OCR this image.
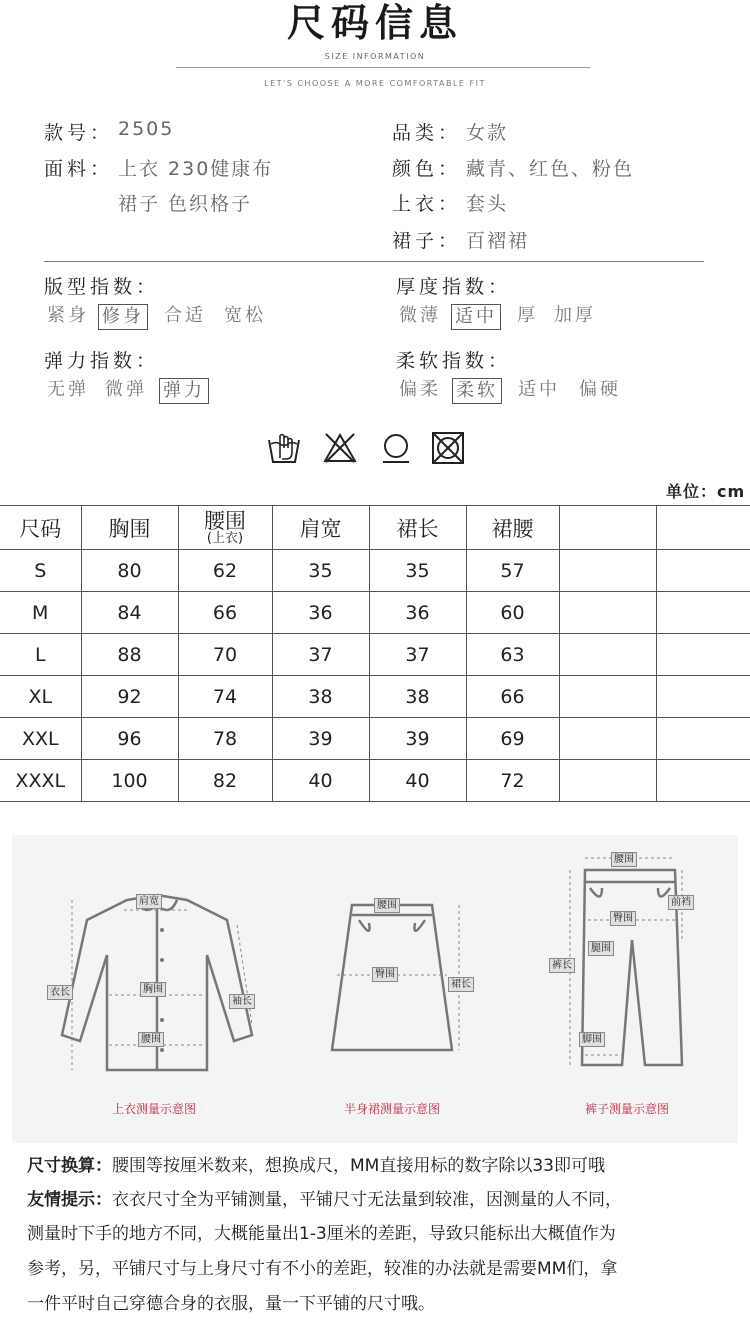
尺码信息
SIZE INFORMATION
LET'S CHOOSE A MORE COMFORTABLE FIT
款号： 2505
面料： 上衣 230健康布
裙子 色织格子
品类： 女款
颜色： 藏青、红色、粉色
上衣： 套头
裙子： 百褶裙
版型指数：
紧身 修身 合适 宽松
厚度指数：
微薄 适中 厚 加厚
弹力指数：
无弹 微弹 弹力
柔软指数：
偏柔 柔软 适中 偏硬
单位：cm
尺码	胸围	腰围
(上衣)	肩宽	裙长	裙腰		
S	80	62	35	35	57		
M	84	66	36	36	60		
L	88	70	37	37	63		
XL	92	74	38	38	66		
XXL	96	78	39	39	69		
XXXL	100	82	40	40	72		
肩宽
衣长	胸围
袖长
腰围
上衣测量示意图
腰围
臀围
裙长
半身裙测量示意图
腰围
前裆
臀围
腿围
裤长
脚围
裤子测量示意图
尺寸换算：腰围等按厘米数来，想换成尺，MM直接用标的数字除以33即可哦
友情提示：衣衣尺寸全为平铺测量，平铺尺寸无法量到较准，因测量的人不同，
测量时下手的地方不同，大概能量出1-3厘米的差距，导致只能标出大概值作为
参考，另，平铺尺寸与上身尺寸有不小的差距，较准的办法就是需要MM们，拿
一件平时自己穿德合身的衣服，量一下平铺的尺寸哦。
